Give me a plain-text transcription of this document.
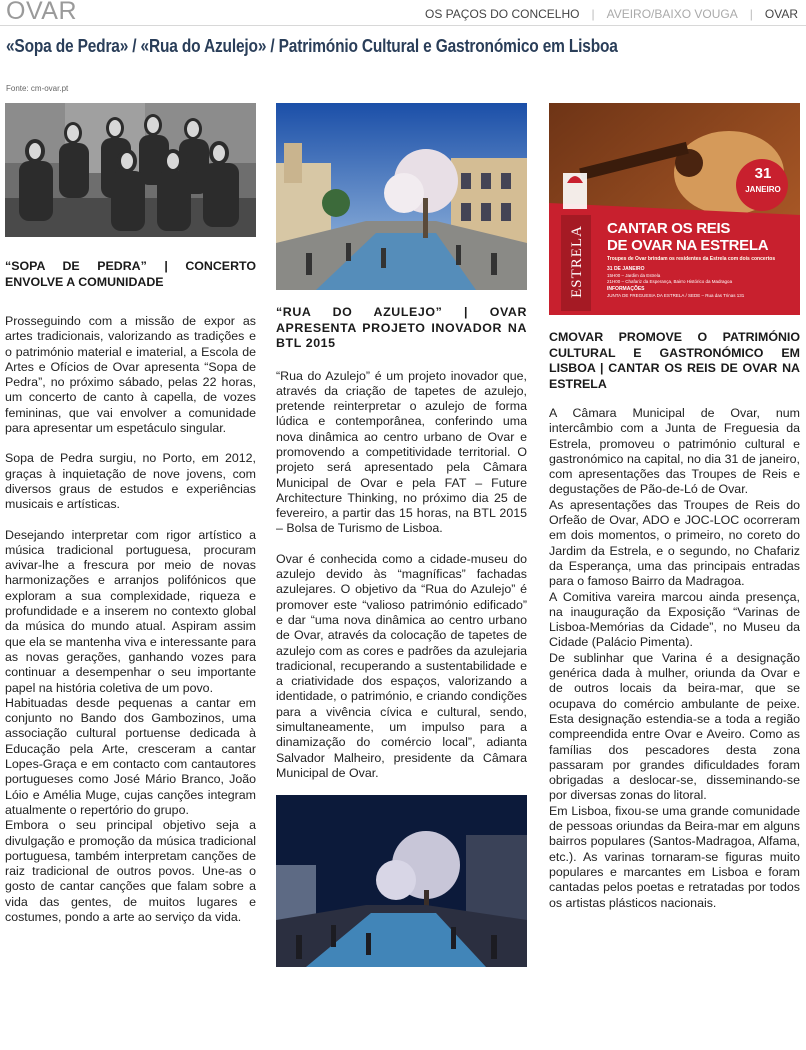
OVAR	OS PAÇOS DO CONCELHO | AVEIRO/BAIXO VOUGA | OVAR
«Sopa de Pedra» / «Rua do Azulejo» / Património Cultural e Gastronómico em Lisboa
Fonte: cm-ovar.pt
“SOPA DE PEDRA” | CONCERTO ENVOLVE A COMUNIDADE

Prosseguindo com a missão de expor as artes tradicionais, valorizando as tradições e o património material e imaterial, a Escola de Artes e Ofícios de Ovar apresenta “Sopa de Pedra”, no próximo sábado, pelas 22 horas, um concerto de canto à capella, de vozes femininas, que vai envolver a comunidade para apresentar um espetáculo singular.

Sopa de Pedra surgiu, no Porto, em 2012, graças à inquietação de nove jovens, com diversos graus de estudos e experiências musicais e artísticas.

Desejando interpretar com rigor artístico a música tradicional portuguesa, procuram avivar-lhe a frescura por meio de novas harmonizações e arranjos polifónicos que exploram a sua complexidade, riqueza e profundidade e a inserem no contexto global da música do mundo atual. Aspiram assim que ela se mantenha viva e interessante para as novas gerações, ganhando vozes para continuar a desempenhar o seu importante papel na história coletiva de um povo.

Habituadas desde pequenas a cantar em conjunto no Bando dos Gambozinos, uma associação cultural portuense dedicada à Educação pela Arte, cresceram a cantar Lopes-Graça e em contacto com cantautores portugueses como José Mário Branco, João Lóio e Amélia Muge, cujas canções integram atualmente o repertório do grupo.

Embora o seu principal objetivo seja a divulgação e promoção da música tradicional portuguesa, também interpretam canções de raiz tradicional de outros povos. Une-as o gosto de cantar canções que falam sobre a vida das gentes, de muitos lugares e costumes, pondo a arte ao serviço da vida.

“RUA DO AZULEJO” | OVAR APRESENTA PROJETO INOVADOR NA BTL 2015

“Rua do Azulejo” é um projeto inovador que, através da criação de tapetes de azulejo, pretende reinterpretar o azulejo de forma lúdica e contemporânea, conferindo uma nova dinâmica ao centro urbano de Ovar e promovendo a competitividade territorial. O projeto será apresentado pela Câmara Municipal de Ovar e pela FAT – Future Architecture Thinking, no próximo dia 25 de fevereiro, a partir das 15 horas, na BTL 2015 – Bolsa de Turismo de Lisboa.

Ovar é conhecida como a cidade-museu do azulejo devido às “magníficas” fachadas azulejares. O objetivo da “Rua do Azulejo” é promover este “valioso património edificado” e dar “uma nova dinâmica ao centro urbano de Ovar, através da colocação de tapetes de azulejo com as cores e padrões da azulejaria tradicional, recuperando a sustentabilidade e a criatividade dos espaços, valorizando a identidade, o património, e criando condições para a vivência cívica e cultural, sendo, simultaneamente, um impulso para a dinamização do comércio local”, adianta Salvador Malheiro, presidente da Câmara Municipal de Ovar.

31
JANEIRO
ESTRELA CANTAR OS REIS
DE OVAR NA ESTRELA
Troupes de Ovar brindam os residentes da Estrela com dois concertos
31 DE JANEIRO
15H00 – Jardim da Estrela
21H00 – Chafariz da Esperança, Bairro Histórico da Madragoa
INFORMAÇÕES
JUNTA DE FREGUESIA DA ESTRELA / SEDE – Rua das Trinas 131
CMOVAR PROMOVE O PATRIMÓNIO CULTURAL E GASTRONÓMICO EM LISBOA | CANTAR OS REIS DE OVAR NA ESTRELA

A Câmara Municipal de Ovar, num intercâmbio com a Junta de Freguesia da Estrela, promoveu o património cultural e gastronómico na capital, no dia 31 de janeiro, com apresentações das Troupes de Reis e degustações de Pão-de-Ló de Ovar.

As apresentações das Troupes de Reis do Orfeão de Ovar, ADO e JOC-LOC ocorreram em dois momentos, o primeiro, no coreto do Jardim da Estrela, e o segundo, no Chafariz da Esperança, uma das principais entradas para o famoso Bairro da Madragoa.

A Comitiva vareira marcou ainda presença, na inauguração da Exposição “Varinas de Lisboa-Memórias da Cidade”, no Museu da Cidade (Palácio Pimenta).

De sublinhar que Varina é a designação genérica dada à mulher, oriunda da Ovar e de outros locais da beira-mar, que se ocupava do comércio ambulante de peixe. Esta designação estendia-se a toda a região compreendida entre Ovar e Aveiro. Como as famílias dos pescadores desta zona passaram por grandes dificuldades foram obrigadas a deslocar-se, disseminando-se por diversas zonas do litoral.

Em Lisboa, fixou-se uma grande comunidade de pessoas oriundas da Beira-mar em alguns bairros populares (Santos-Madragoa, Alfama, etc.). As varinas tornaram-se figuras muito populares e marcantes em Lisboa e foram cantadas pelos poetas e retratadas por todos os artistas plásticos nacionais.
